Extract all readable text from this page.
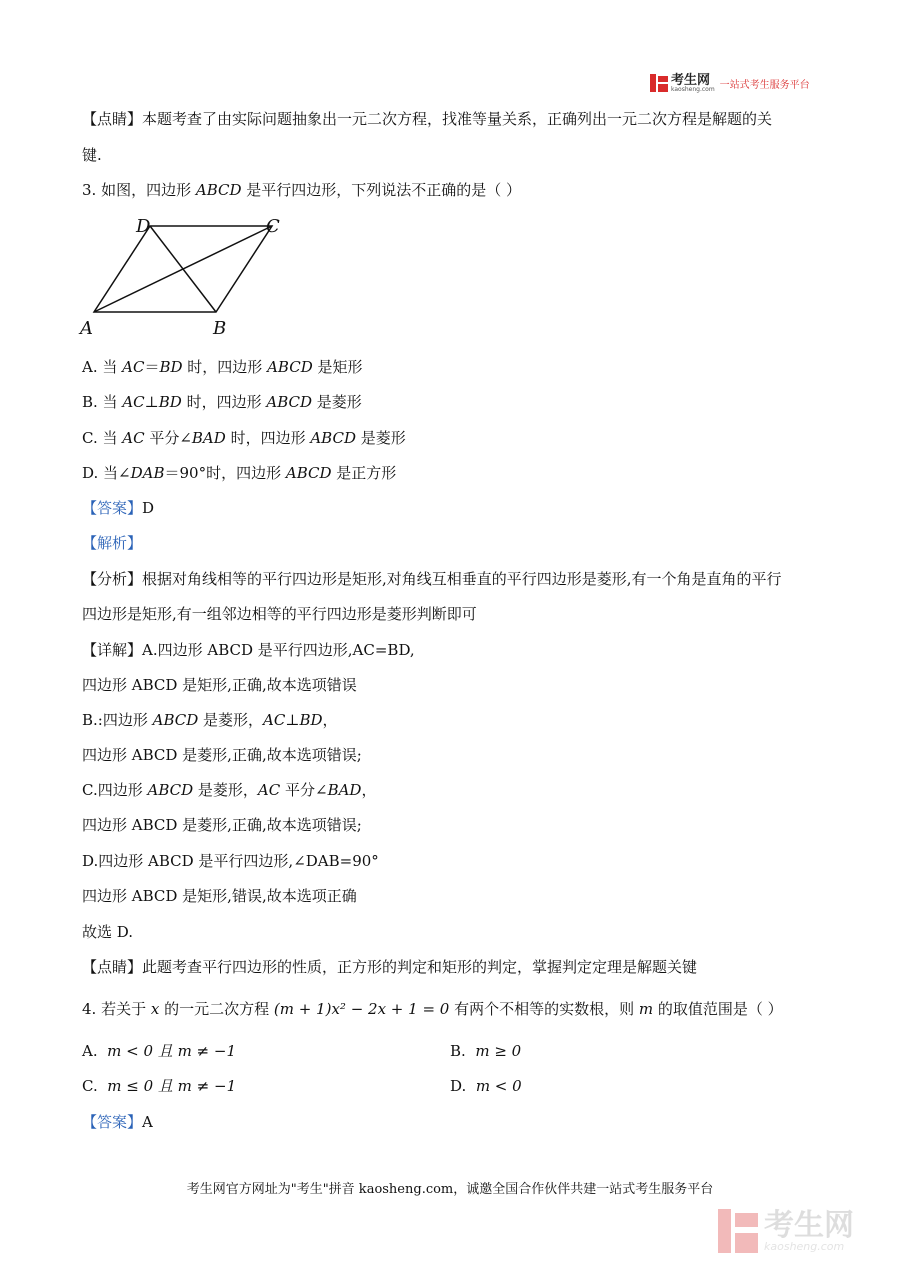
考生网
kaosheng.com 一站式考生服务平台
【点睛】本题考查了由实际问题抽象出一元二次方程，找准等量关系，正确列出一元二次方程是解题的关
键.
3. 如图，四边形 ABCD 是平行四边形，下列说法不正确的是（ ）
D	C
A	B
A. 当 AC＝BD 时，四边形 ABCD 是矩形
B. 当 AC⊥BD 时，四边形 ABCD 是菱形
C. 当 AC 平分∠BAD 时，四边形 ABCD 是菱形
D. 当∠DAB＝90°时，四边形 ABCD 是正方形
【答案】D
【解析】
【分析】根据对角线相等的平行四边形是矩形,对角线互相垂直的平行四边形是菱形,有一个角是直角的平行
四边形是矩形,有一组邻边相等的平行四边形是菱形判断即可
【详解】A.四边形 ABCD 是平行四边形,AC=BD,
四边形 ABCD 是矩形,正确,故本选项错误
B.:四边形 ABCD 是菱形，AC⊥BD，
四边形 ABCD 是菱形,正确,故本选项错误;
C.四边形 ABCD 是菱形，AC 平分∠BAD，
四边形 ABCD 是菱形,正确,故本选项错误;
D.四边形 ABCD 是平行四边形,∠DAB=90°
四边形 ABCD 是矩形,错误,故本选项正确
故选 D.
【点睛】此题考查平行四边形的性质，正方形的判定和矩形的判定，掌握判定定理是解题关键
4. 若关于 x 的一元二次方程 (m + 1)x² − 2x + 1 = 0 有两个不相等的实数根，则 m 的取值范围是（ ）
A. m < 0 且 m ≠ −1	B. m ≥ 0
C. m ≤ 0 且 m ≠ −1	D. m < 0
【答案】A
考生网官方网址为"考生"拼音 kaosheng.com，诚邀全国合作伙伴共建一站式考生服务平台
考生网
kaosheng.com
